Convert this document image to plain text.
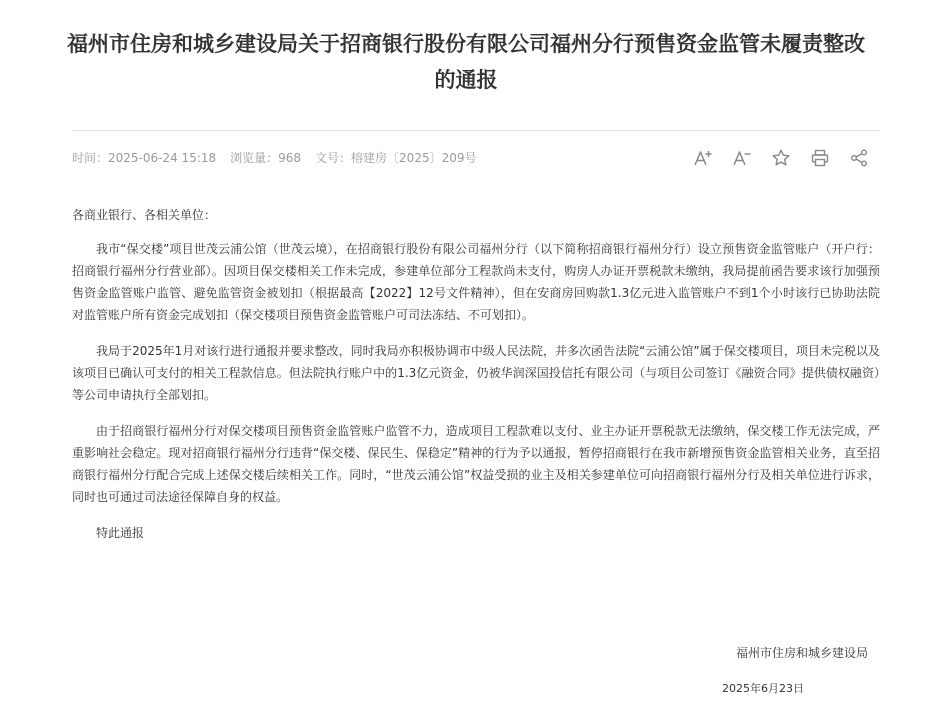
福州市住房和城乡建设局关于招商银行股份有限公司福州分行预售资金监管未履责整改的通报
时间：2025-06-24 15:18 浏览量：968 文号：榕建房〔2025〕209号

各商业银行、各相关单位：

我市“保交楼”项目世茂云浦公馆（世茂云境），在招商银行股份有限公司福州分行（以下简称招商银行福州分行）设立预售资金监管账户（开户行：招商银行福州分行营业部）。因项目保交楼相关工作未完成，参建单位部分工程款尚未支付，购房人办证开票税款未缴纳，我局提前函告要求该行加强预售资金监管账户监管、避免监管资金被划扣（根据最高【2022】12号文件精神），但在安商房回购款1.3亿元进入监管账户不到1个小时该行已协助法院对监管账户所有资金完成划扣（保交楼项目预售资金监管账户可司法冻结、不可划扣）。

我局于2025年1月对该行进行通报并要求整改，同时我局亦积极协调市中级人民法院，并多次函告法院“云浦公馆”属于保交楼项目，项目未完税以及该项目已确认可支付的相关工程款信息。但法院执行账户中的1.3亿元资金，仍被华润深国投信托有限公司（与项目公司签订《融资合同》提供债权融资）等公司申请执行全部划扣。

由于招商银行福州分行对保交楼项目预售资金监管账户监管不力，造成项目工程款难以支付、业主办证开票税款无法缴纳，保交楼工作无法完成，严重影响社会稳定。现对招商银行福州分行违背“保交楼、保民生、保稳定”精神的行为予以通报，暂停招商银行在我市新增预售资金监管相关业务，直至招商银行福州分行配合完成上述保交楼后续相关工作。同时，“世茂云浦公馆”权益受损的业主及相关参建单位可向招商银行福州分行及相关单位进行诉求，同时也可通过司法途径保障自身的权益。

特此通报

福州市住房和城乡建设局
2025年6月23日
